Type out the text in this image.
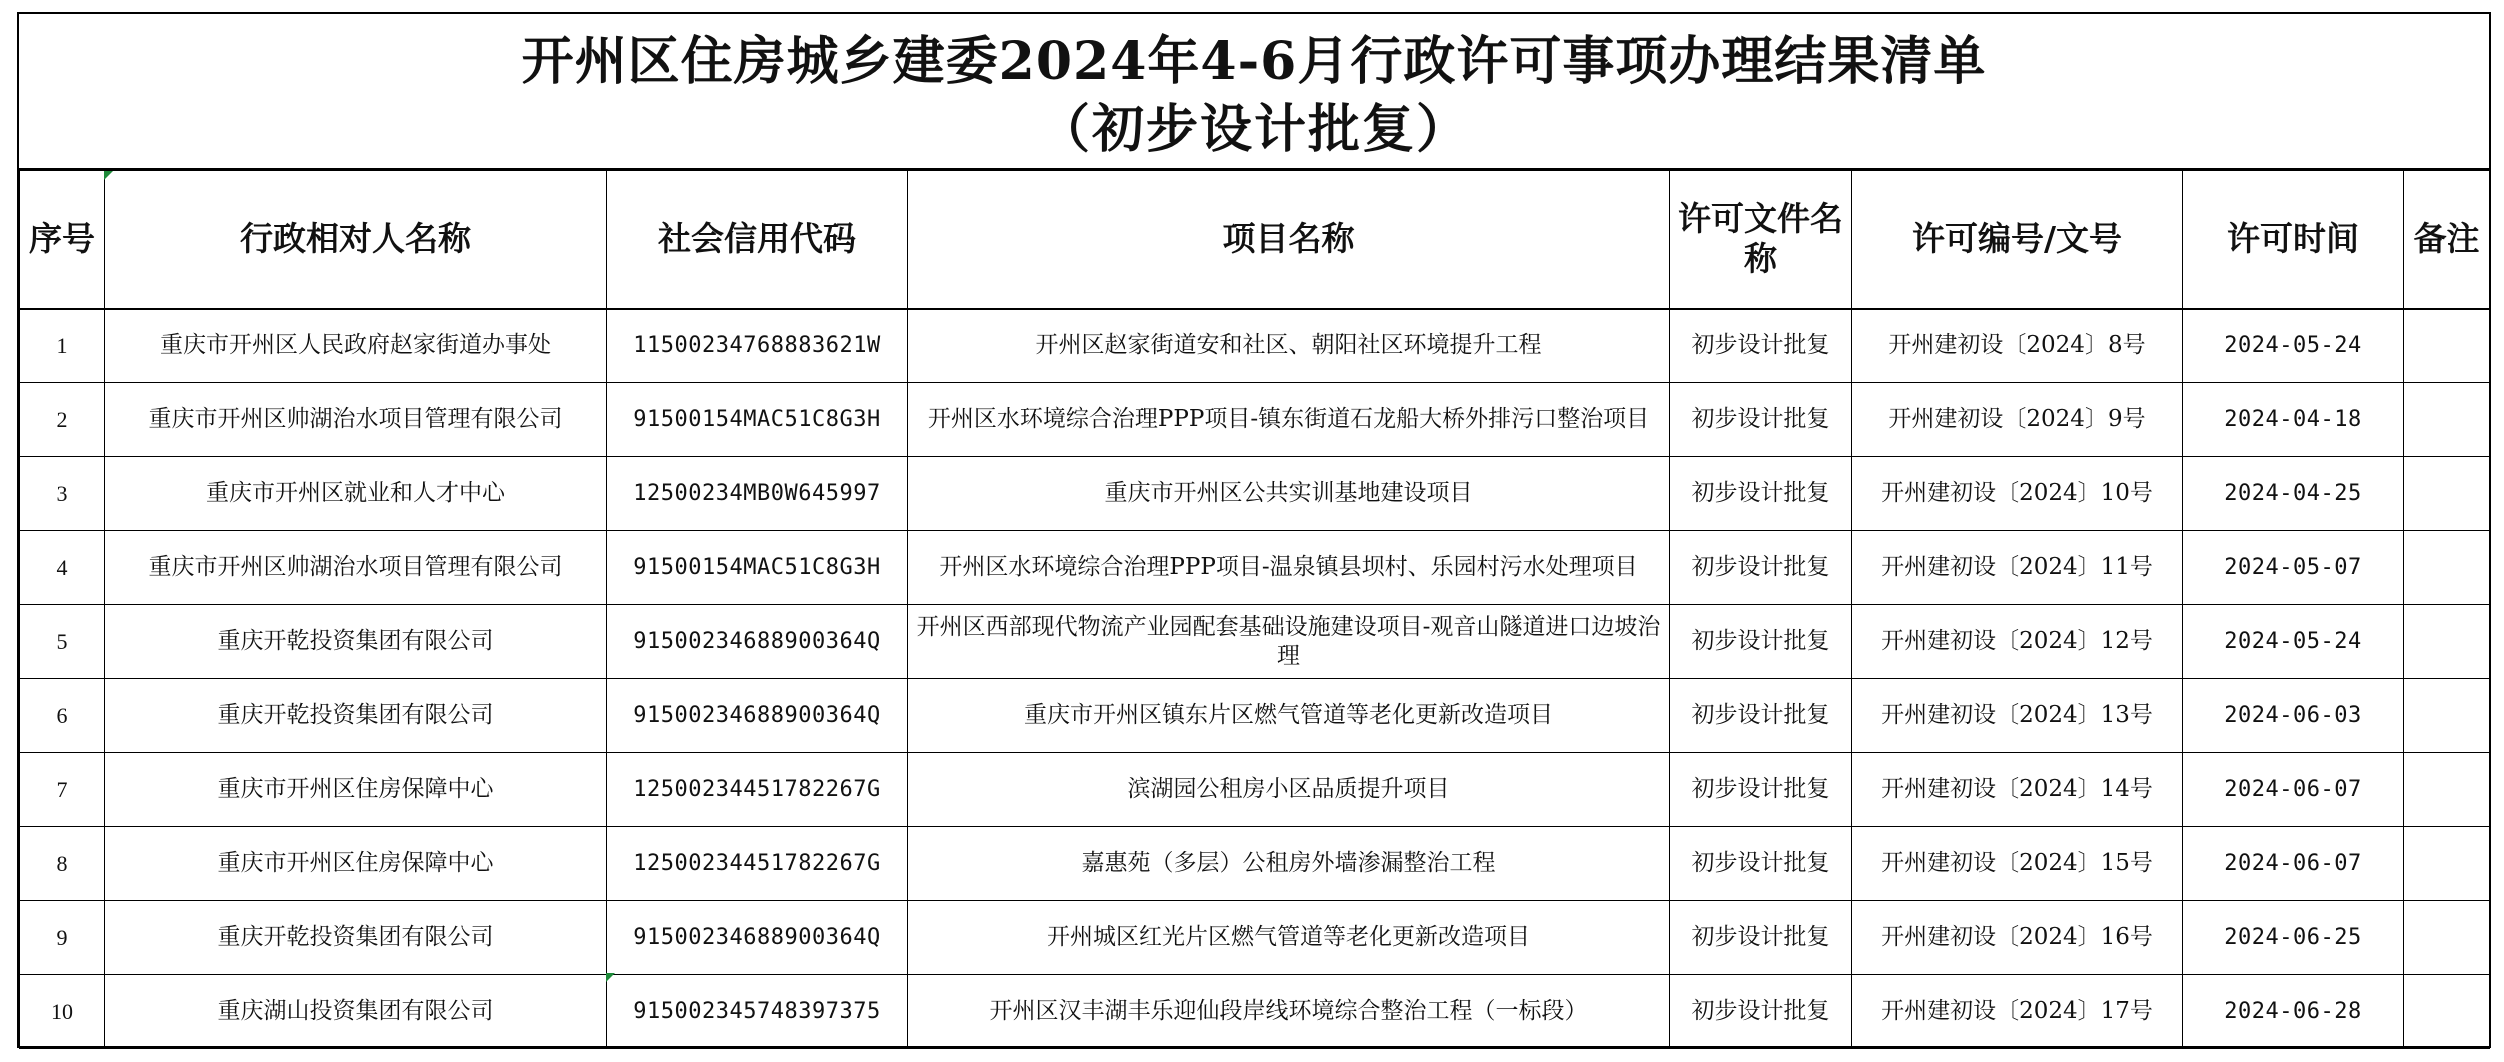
开州区住房城乡建委2024年4-6月行政许可事项办理结果清单
（初步设计批复）
序号	行政相对人名称	社会信用代码	项目名称	许可文件名称	许可编号/文号	许可时间	备注
1	重庆市开州区人民政府赵家街道办事处	11500234768883621W	开州区赵家街道安和社区、朝阳社区环境提升工程	初步设计批复	开州建初设〔2024〕8号	2024-05-24	
2	重庆市开州区帅湖治水项目管理有限公司	91500154MAC51C8G3H	开州区水环境综合治理PPP项目-镇东街道石龙船大桥外排污口整治项目	初步设计批复	开州建初设〔2024〕9号	2024-04-18	
3	重庆市开州区就业和人才中心	12500234MB0W645997	重庆市开州区公共实训基地建设项目	初步设计批复	开州建初设〔2024〕10号	2024-04-25	
4	重庆市开州区帅湖治水项目管理有限公司	91500154MAC51C8G3H	开州区水环境综合治理PPP项目-温泉镇县坝村、乐园村污水处理项目	初步设计批复	开州建初设〔2024〕11号	2024-05-07	
5	重庆开乾投资集团有限公司	91500234688900364Q	开州区西部现代物流产业园配套基础设施建设项目-观音山隧道进口边坡治理	初步设计批复	开州建初设〔2024〕12号	2024-05-24	
6	重庆开乾投资集团有限公司	91500234688900364Q	重庆市开州区镇东片区燃气管道等老化更新改造项目	初步设计批复	开州建初设〔2024〕13号	2024-06-03	
7	重庆市开州区住房保障中心	12500234451782267G	滨湖园公租房小区品质提升项目	初步设计批复	开州建初设〔2024〕14号	2024-06-07	
8	重庆市开州区住房保障中心	12500234451782267G	嘉惠苑（多层）公租房外墙渗漏整治工程	初步设计批复	开州建初设〔2024〕15号	2024-06-07	
9	重庆开乾投资集团有限公司	91500234688900364Q	开州城区红光片区燃气管道等老化更新改造项目	初步设计批复	开州建初设〔2024〕16号	2024-06-25	
10	重庆湖山投资集团有限公司	915002345748397375	开州区汉丰湖丰乐迎仙段岸线环境综合整治工程（一标段）	初步设计批复	开州建初设〔2024〕17号	2024-06-28	
